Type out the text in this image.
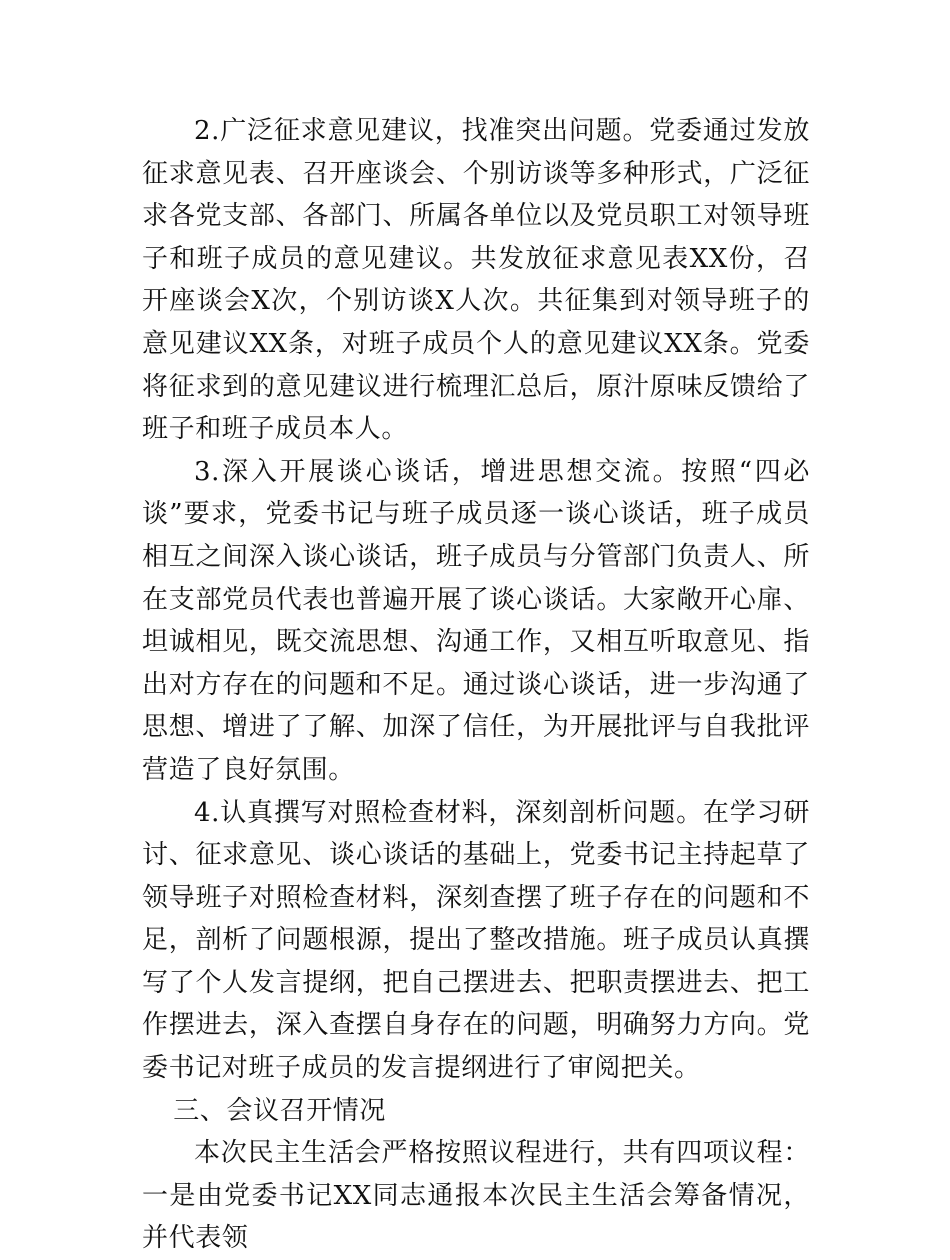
2.广泛征求意见建议，找准突出问题。党委通过发放征求意见表、召开座谈会、个别访谈等多种形式，广泛征求各党支部、各部门、所属各单位以及党员职工对领导班子和班子成员的意见建议。共发放征求意见表XX份，召开座谈会X次，个别访谈X人次。共征集到对领导班子的意见建议XX条，对班子成员个人的意见建议XX条。党委将征求到的意见建议进行梳理汇总后，原汁原味反馈给了班子和班子成员本人。

3.深入开展谈心谈话，增进思想交流。按照“四必谈”要求，党委书记与班子成员逐一谈心谈话，班子成员相互之间深入谈心谈话，班子成员与分管部门负责人、所在支部党员代表也普遍开展了谈心谈话。大家敞开心扉、坦诚相见，既交流思想、沟通工作，又相互听取意见、指出对方存在的问题和不足。通过谈心谈话，进一步沟通了思想、增进了了解、加深了信任，为开展批评与自我批评营造了良好氛围。

4.认真撰写对照检查材料，深刻剖析问题。在学习研讨、征求意见、谈心谈话的基础上，党委书记主持起草了领导班子对照检查材料，深刻查摆了班子存在的问题和不足，剖析了问题根源，提出了整改措施。班子成员认真撰写了个人发言提纲，把自己摆进去、把职责摆进去、把工作摆进去，深入查摆自身存在的问题，明确努力方向。党委书记对班子成员的发言提纲进行了审阅把关。

三、会议召开情况

本次民主生活会严格按照议程进行，共有四项议程：一是由党委书记XX同志通报本次民主生活会筹备情况，并代表领
